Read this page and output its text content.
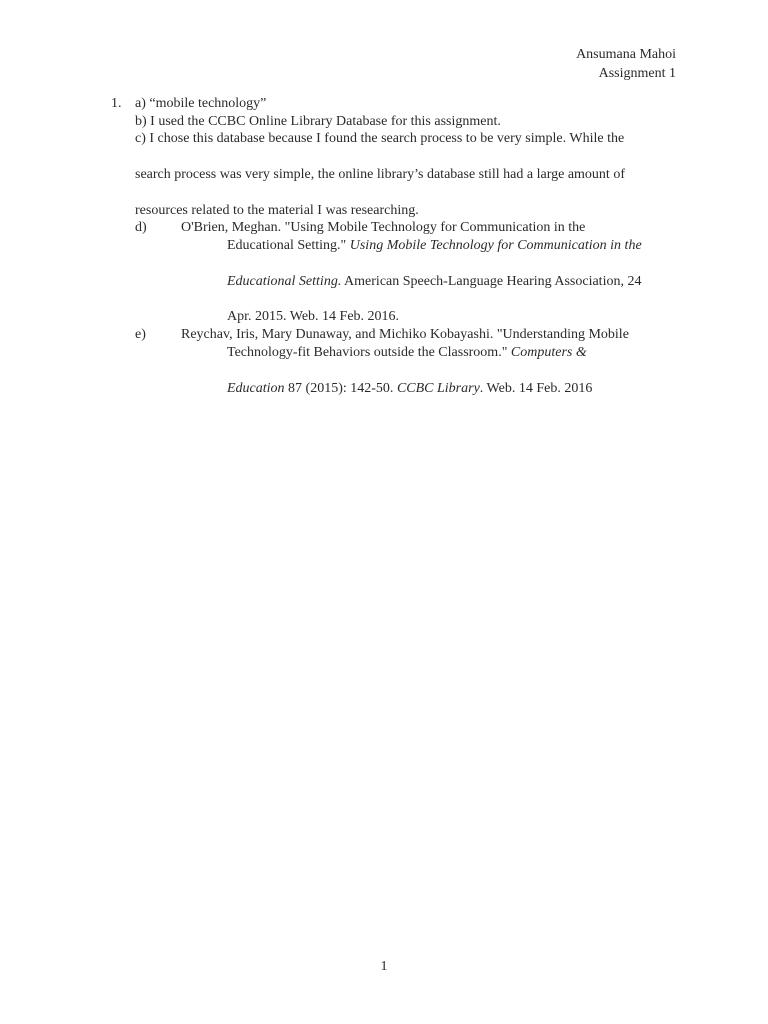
Ansumana Mahoi
Assignment 1
1. a) “mobile technology”
b) I used the CCBC Online Library Database for this assignment.
c) I chose this database because I found the search process to be very simple. While the
search process was very simple, the online library’s database still had a large amount of
resources related to the material I was researching.
d) O'Brien, Meghan. "Using Mobile Technology for Communication in the
Educational Setting." Using Mobile Technology for Communication in the
Educational Setting. American Speech-Language Hearing Association, 24
Apr. 2015. Web. 14 Feb. 2016.
e)	Reychav, Iris, Mary Dunaway, and Michiko Kobayashi. "Understanding Mobile
Technology-fit Behaviors outside the Classroom." Computers &
Education 87 (2015): 142-50. CCBC Library. Web. 14 Feb. 2016
1
